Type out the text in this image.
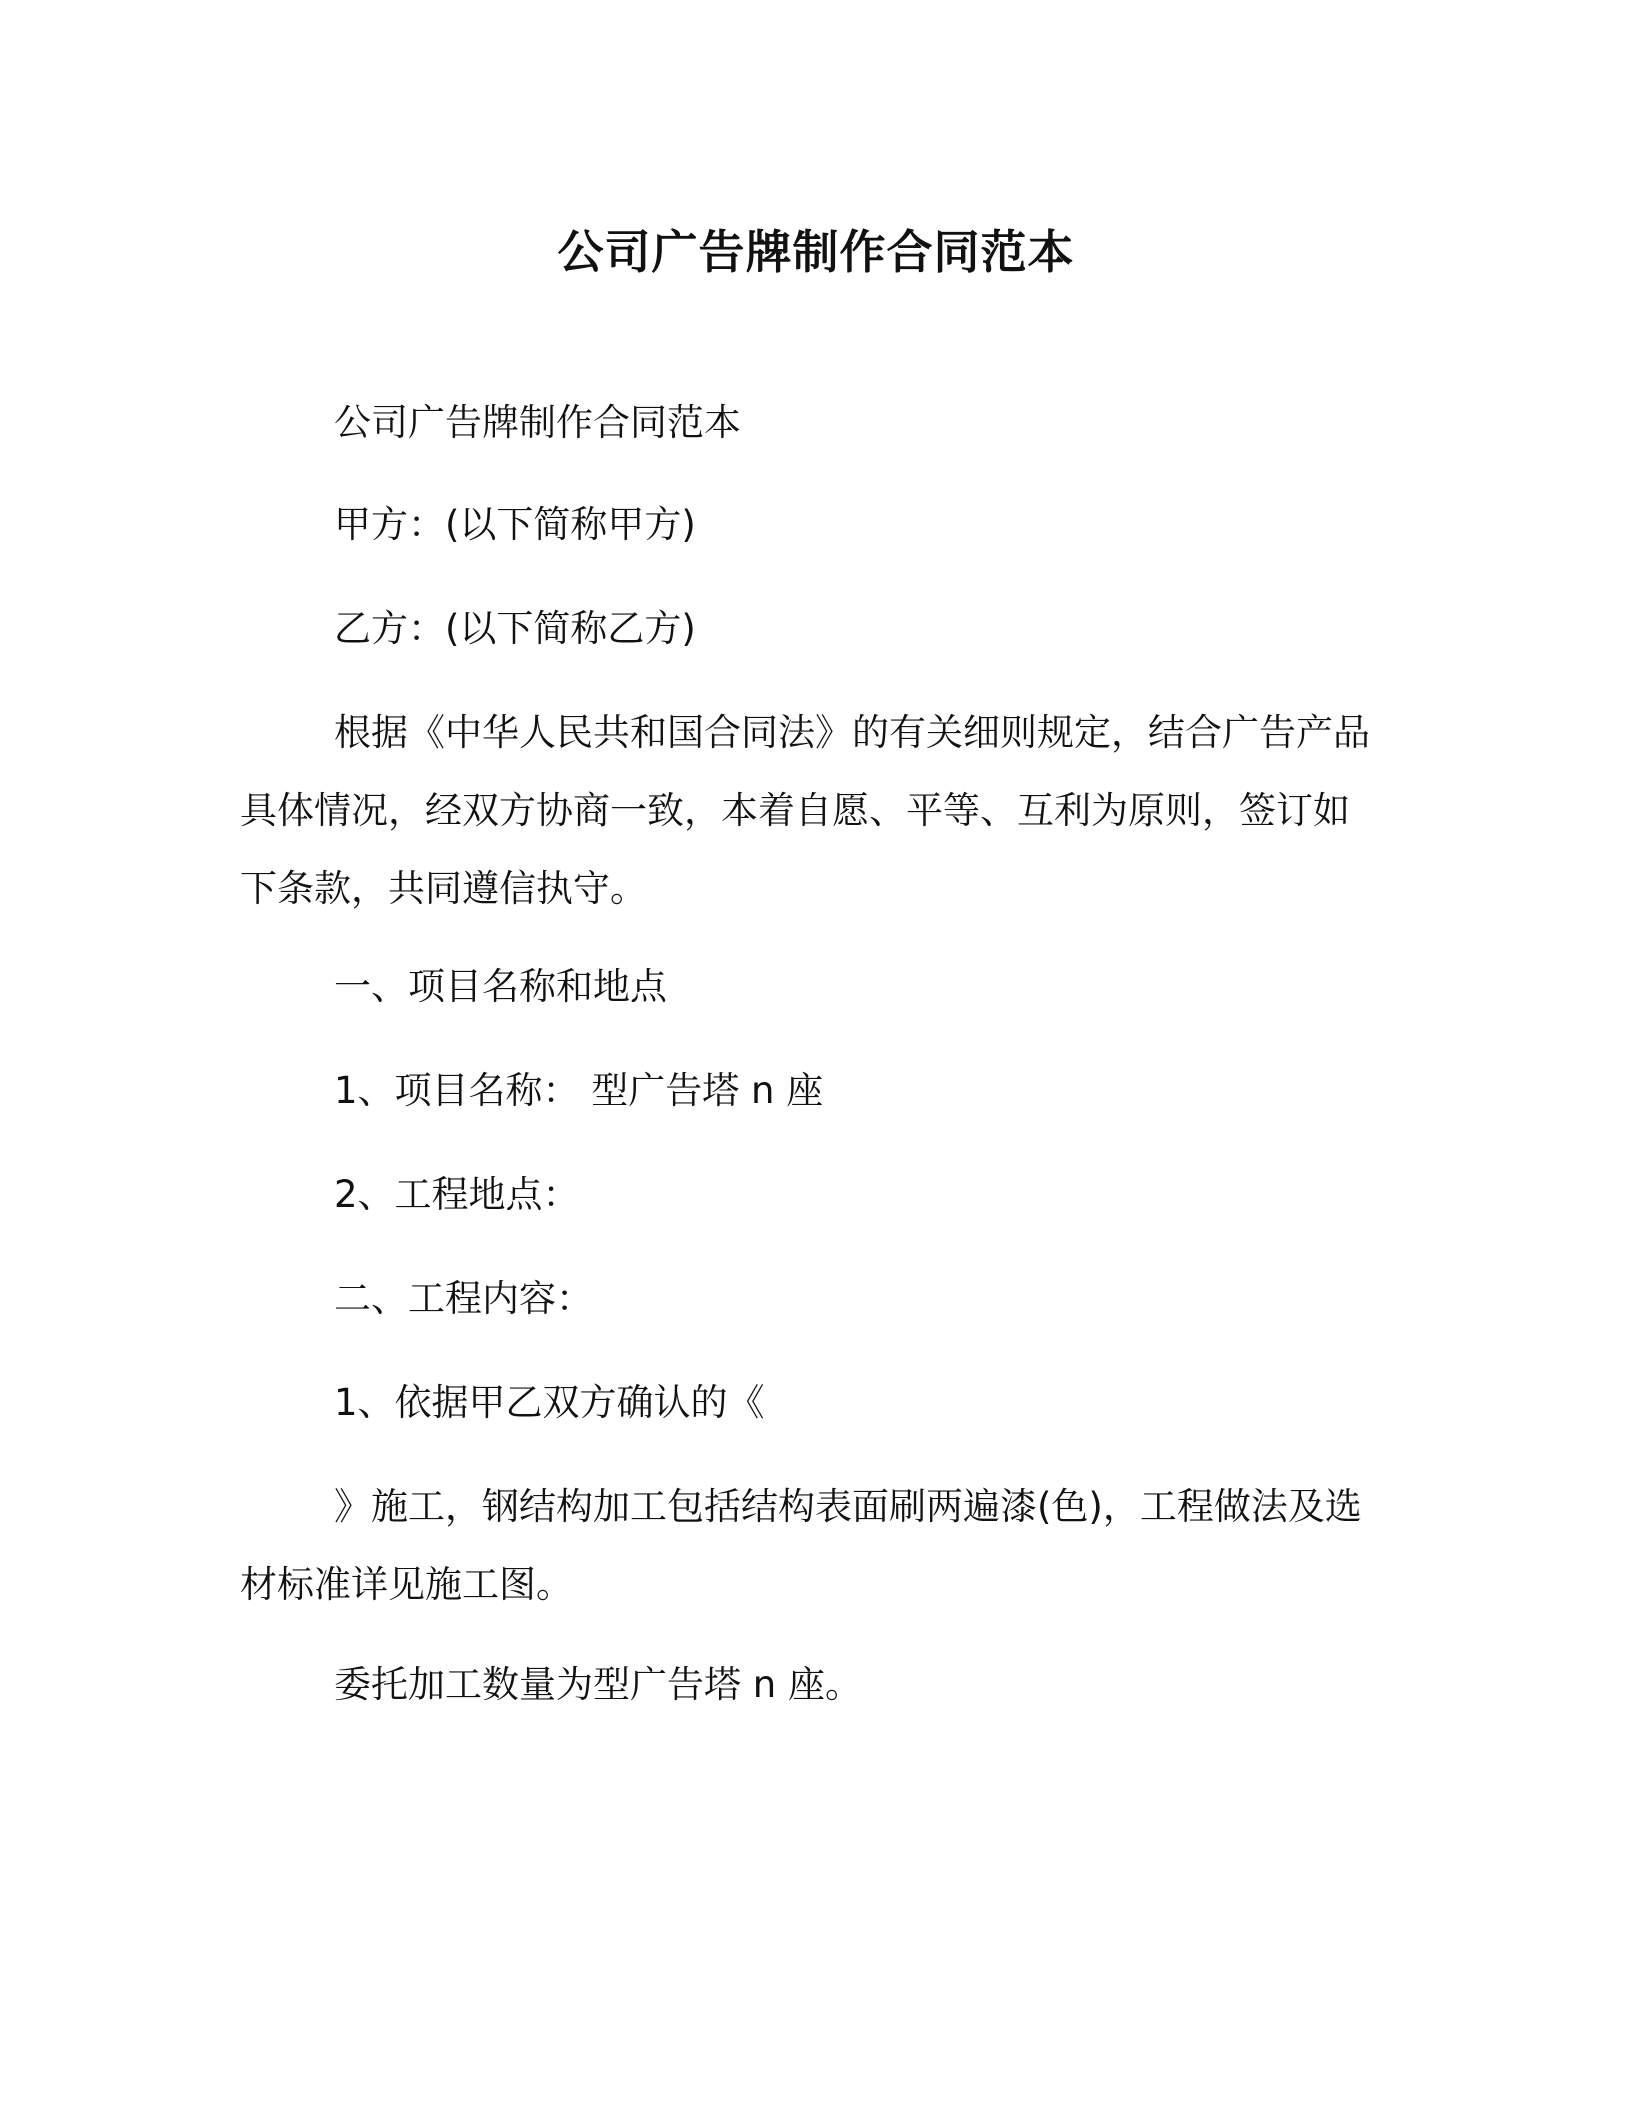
公司广告牌制作合同范本
公司广告牌制作合同范本
甲方：(以下简称甲方)
乙方：(以下简称乙方)
根据《中华人民共和国合同法》的有关细则规定，结合广告产品具体情况，经双方协商一致，本着自愿、平等、互利为原则，签订如下条款，共同遵信执守。
一、项目名称和地点
1、项目名称： 型广告塔 n 座
2、工程地点：
二、工程内容：
1、依据甲乙双方确认的《
》施工，钢结构加工包括结构表面刷两遍漆(色)，工程做法及选材标准详见施工图。
委托加工数量为型广告塔 n 座。
